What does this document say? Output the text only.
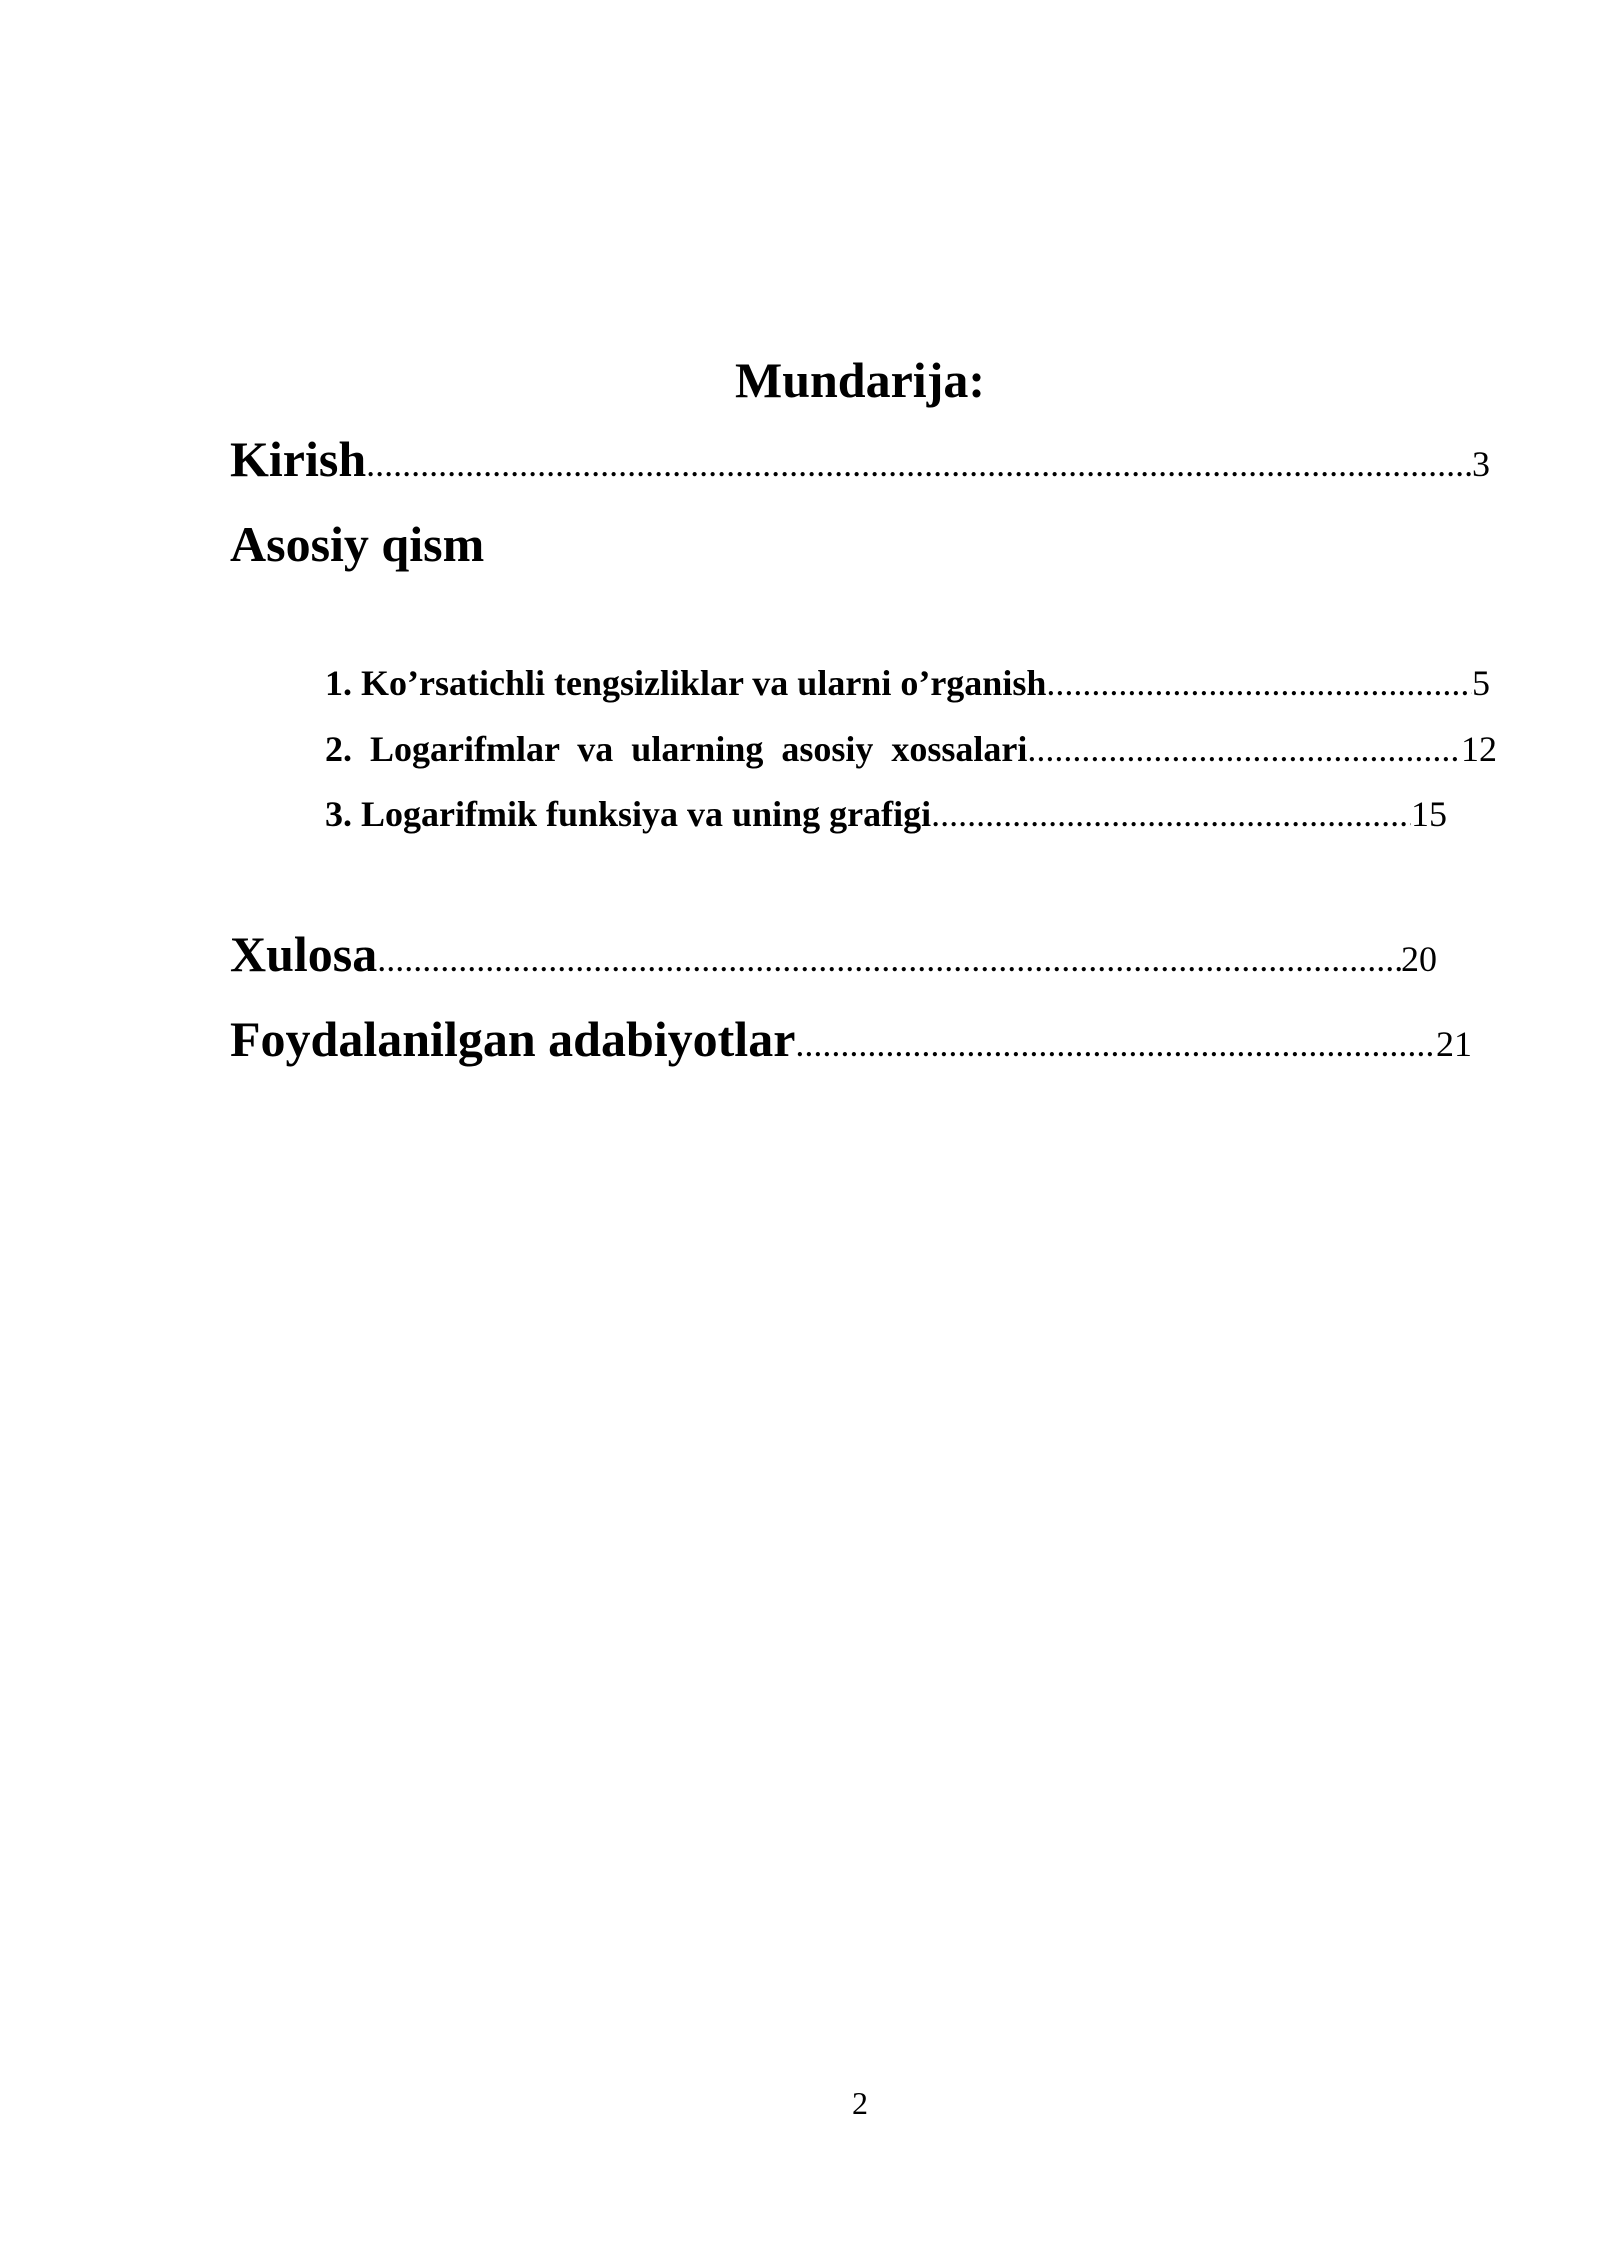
Mundarija:
Kirish .....	3
Asosiy qism
1. Ko’rsatichli tengsizliklar va ularni o’rganish .....	5
2.  Logarifmlar  va  ularning  asosiy  xossalari .....	12
3. Logarifmik funksiya va uning grafigi .....	15
Xulosa .....	20
Foydalanilgan adabiyotlar .....	21
2
